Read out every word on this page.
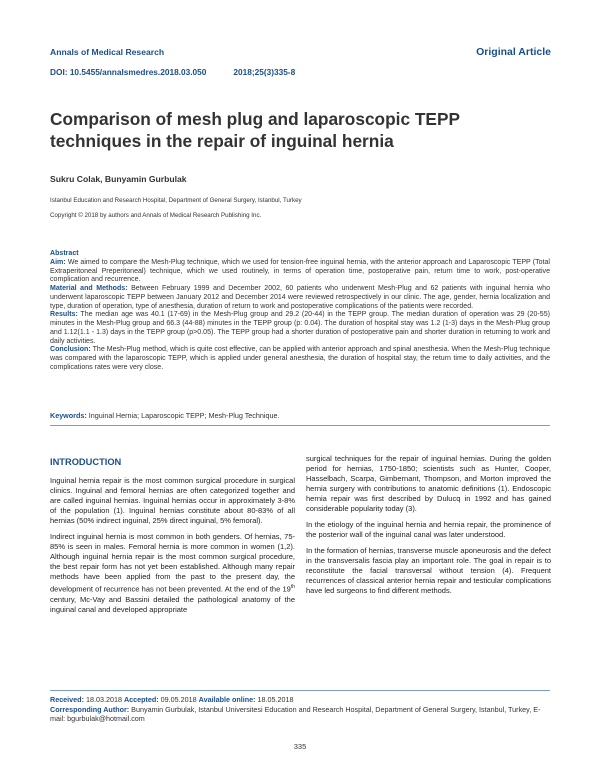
Annals of Medical Research
DOI: 10.5455/annalsmedres.2018.03.050	2018;25(3)335-8
Original Article
Comparison of mesh plug and laparoscopic TEPP techniques in the repair of inguinal hernia
Sukru Colak, Bunyamin Gurbulak
Istanbul Education and Research Hospital, Department of General Surgery, Istanbul, Turkey
Copyright © 2018 by authors and Annals of Medical Research Publishing Inc.
Abstract

Aim: We aimed to compare the Mesh-Plug technique, which we used for tension-free inguinal hernia, with the anterior approach and Laparoscopic TEPP (Total Extraperitoneal Preperitoneal) technique, which we used routinely, in terms of operation time, postoperative pain, return time to work, post-operative complication and recurrence.

Material and Methods: Between February 1999 and December 2002, 60 patients who underwent Mesh-Plug and 62 patients with inguinal hernia who underwent laparoscopic TEPP between January 2012 and December 2014 were reviewed retrospectively in our clinic. The age, gender, hernia localization and type, duration of operation, type of anesthesia, duration of return to work and postoperative complications of the patients were recorded.

Results: The median age was 40.1 (17-69) in the Mesh-Plug group and 29.2 (20-44) in the TEPP group. The median duration of operation was 29 (20-55) minutes in the Mesh-Plug group and 66.3 (44-88) minutes in the TEPP group (p: 0.04). The duration of hospital stay was 1.2 (1-3) days in the Mesh-Plug group and 1.12(1.1 - 1.3) days in the TEPP group (p>0.05). The TEPP group had a shorter duration of postoperative pain and shorter duration in returning to work and daily activities.

Conclusion: The Mesh-Plug method, which is quite cost effective, can be applied with anterior approach and spinal anesthesia. When the Mesh-Plug technique was compared with the laparoscopic TEPP, which is applied under general anesthesia, the duration of hospital stay, the return time to daily activities, and the complications rates were very close.

Keywords: Inguinal Hernia; Laparoscopic TEPP; Mesh-Plug Technique.
INTRODUCTION

Inguinal hernia repair is the most common surgical procedure in surgical clinics. Inguinal and femoral hernias are often categorized together and are called inguinal hernias. Inguinal hernias occur in approximately 3-8% of the population (1). Inguinal hernias constitute about 80-83% of all hernias (50% indirect inguinal, 25% direct inguinal, 5% femoral).

Indirect inguinal hernia is most common in both genders. Of hernias, 75-85% is seen in males. Femoral hernia is more common in women (1,2). Although inguinal hernia repair is the most common surgical procedure, the best repair form has not yet been established. Although many repair methods have been applied from the past to the present day, the development of recurrence has not been prevented. At the end of the 19th century, Mc-Vay and Bassini detailed the pathological anatomy of the inguinal canal and developed appropriate

surgical techniques for the repair of inguinal hernias. During the golden period for hernias, 1750-1850; scientists such as Hunter, Cooper, Hasselbach, Scarpa, Gimbernant, Thompson, and Morton improved the hernia surgery with contributions to anatomic definitions (1). Endoscopic hernia repair was first described by Dulucq in 1992 and has gained considerable popularity today (3).

In the etiology of the inguinal hernia and hernia repair, the prominence of the posterior wall of the inguinal canal was later understood.

In the formation of hernias, transverse muscle aponeurosis and the defect in the transversalis fascia play an important role. The goal in repair is to reconstitute the facial transversal without tension (4). Frequent recurrences of classical anterior hernia repair and testicular complications have led surgeons to find different methods.

Received: 18.03.2018 Accepted: 09.05.2018 Available online: 18.05.2018
Corresponding Author: Bunyamin Gurbulak, Istanbul Universitesi Education and Research Hospital, Department of General Surgery, Istanbul, Turkey, E-mail: bgurbulak@hotmail.com
335
